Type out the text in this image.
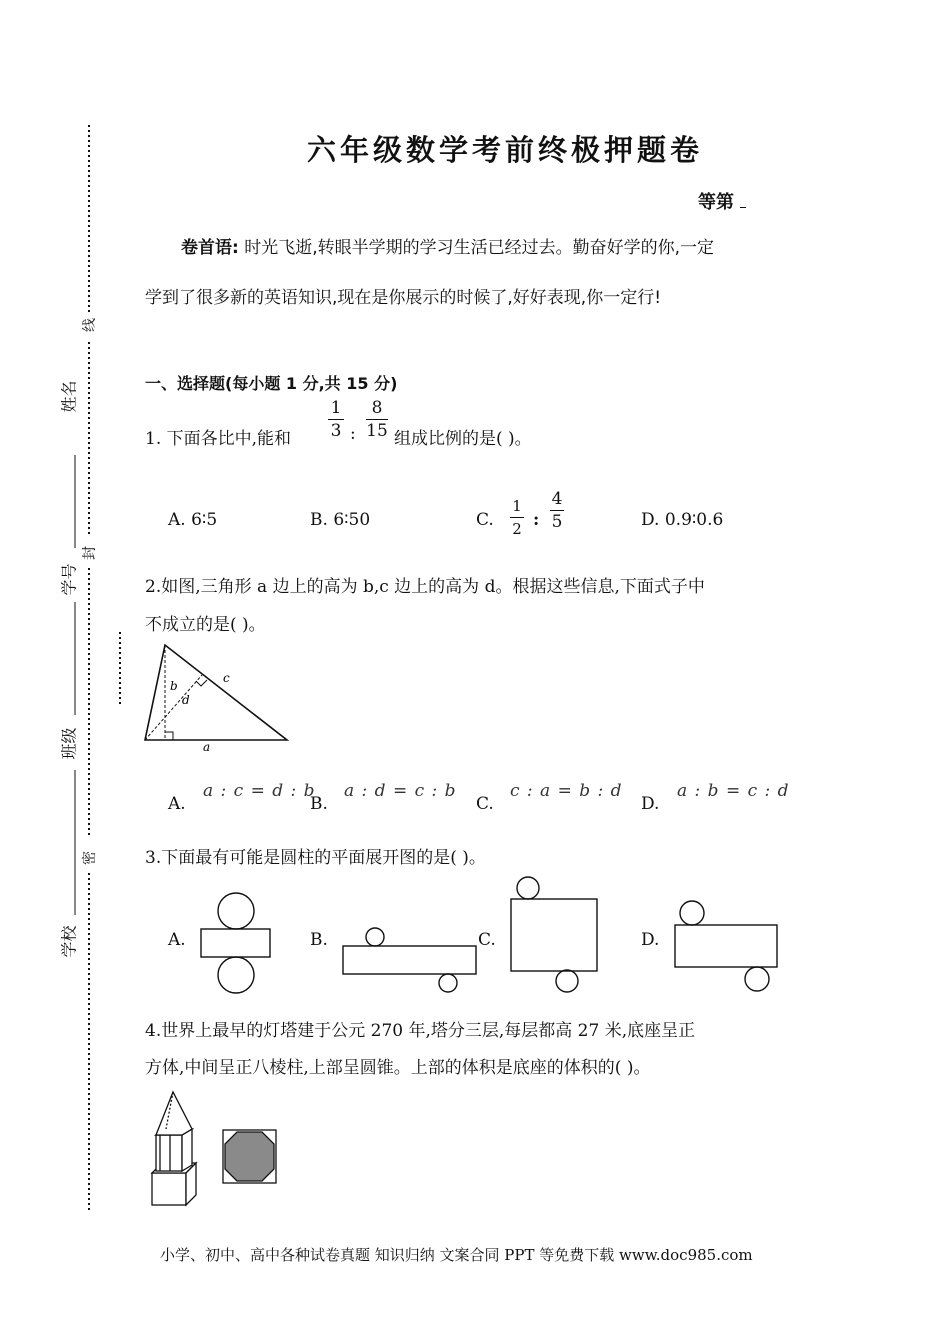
姓名
学号
班级
学校
线
封
密
六年级数学考前终极押题卷
等第
卷首语: 时光飞逝,转眼半学期的学习生活已经过去。勤奋好学的你,一定
学到了很多新的英语知识,现在是你展示的时候了,好好表现,你一定行!
一、选择题(每小题 1 分,共 15 分)
1. 下面各比中,能和
1
3 :
8
15 组成比例的是( )。
A. 6∶5	B. 6∶50	C.
1
2 :
4
5	D. 0.9∶0.6
2.如图,三角形 a 边上的高为 b,c 边上的高为 d。根据这些信息,下面式子中
不成立的是( )。
b
c
d
a
A.
a : c = d : b
B.
a : d = c : b
C.
c : a = b : d
D.
a : b = c : d
3.下面最有可能是圆柱的平面展开图的是( )。
A.	B.	C.	D.
4.世界上最早的灯塔建于公元 270 年,塔分三层,每层都高 27 米,底座呈正
方体,中间呈正八棱柱,上部呈圆锥。上部的体积是底座的体积的( )。
小学、初中、高中各种试卷真题 知识归纳 文案合同 PPT 等免费下载 www.doc985.com
